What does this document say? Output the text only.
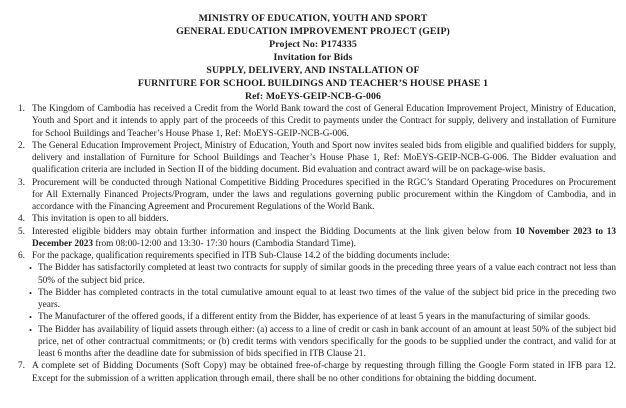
MINISTRY OF EDUCATION, YOUTH AND SPORT
GENERAL EDUCATION IMPROVEMENT PROJECT (GEIP)
Project No: P174335
Invitation for Bids
SUPPLY, DELIVERY, AND INSTALLATION OF
FURNITURE FOR SCHOOL BUILDINGS AND TEACHER’S HOUSE PHASE 1
Ref: MoEYS-GEIP-NCB-G-006
1. The Kingdom of Cambodia has received a Credit from the World Bank toward the cost of General Education Improvement Project, Ministry of Education, Youth and Sport and it intends to apply part of the proceeds of this Credit to payments under the Contract for supply, delivery and installation of Furniture for School Buildings and Teacher’s House Phase 1, Ref: MoEYS-GEIP-NCB-G-006.
2. The General Education Improvement Project, Ministry of Education, Youth and Sport now invites sealed bids from eligible and qualified bidders for supply, delivery and installation of Furniture for School Buildings and Teacher’s House Phase 1, Ref: MoEYS-GEIP-NCB-G-006. The Bidder evaluation and qualification criteria are included in Section II of the bidding document. Bid evaluation and contract award will be on package-wise basis.
3. Procurement will be conducted through National Competitive Bidding Procedures specified in the RGC’s Standard Operating Procedures on Procurement for All Externally Financed Projects/Program, under the laws and regulations governing public procurement within the Kingdom of Cambodia, and in accordance with the Financing Agreement and Procurement Regulations of the World Bank.
4. This invitation is open to all bidders.
5. Interested eligible bidders may obtain further information and inspect the Bidding Documents at the link given below from 10 November 2023 to 13 December 2023 from 08:00-12:00 and 13:30- 17:30 hours (Cambodia Standard Time).
6. For the package, qualification requirements specified in ITB Sub-Clause 14.2 of the bidding documents include:
• The Bidder has satisfactorily completed at least two contracts for supply of similar goods in the preceding three years of a value each contract not less than 50% of the subject bid price.
• The Bidder has completed contracts in the total cumulative amount equal to at least two times of the value of the subject bid price in the preceding two years.
• The Manufacturer of the offered goods, if a different entity from the Bidder, has experience of at least 5 years in the manufacturing of similar goods.
• The Bidder has availability of liquid assets through either: (a) access to a line of credit or cash in bank account of an amount at least 50% of the subject bid price, net of other contractual commitments; or (b) credit terms with vendors specifically for the goods to be supplied under the contract, and valid for at least 6 months after the deadline date for submission of bids specified in ITB Clause 21.
7. A complete set of Bidding Documents (Soft Copy) may be obtained free-of-charge by requesting through filling the Google Form stated in IFB para 12. Except for the submission of a written application through email, there shall be no other conditions for obtaining the bidding document.
